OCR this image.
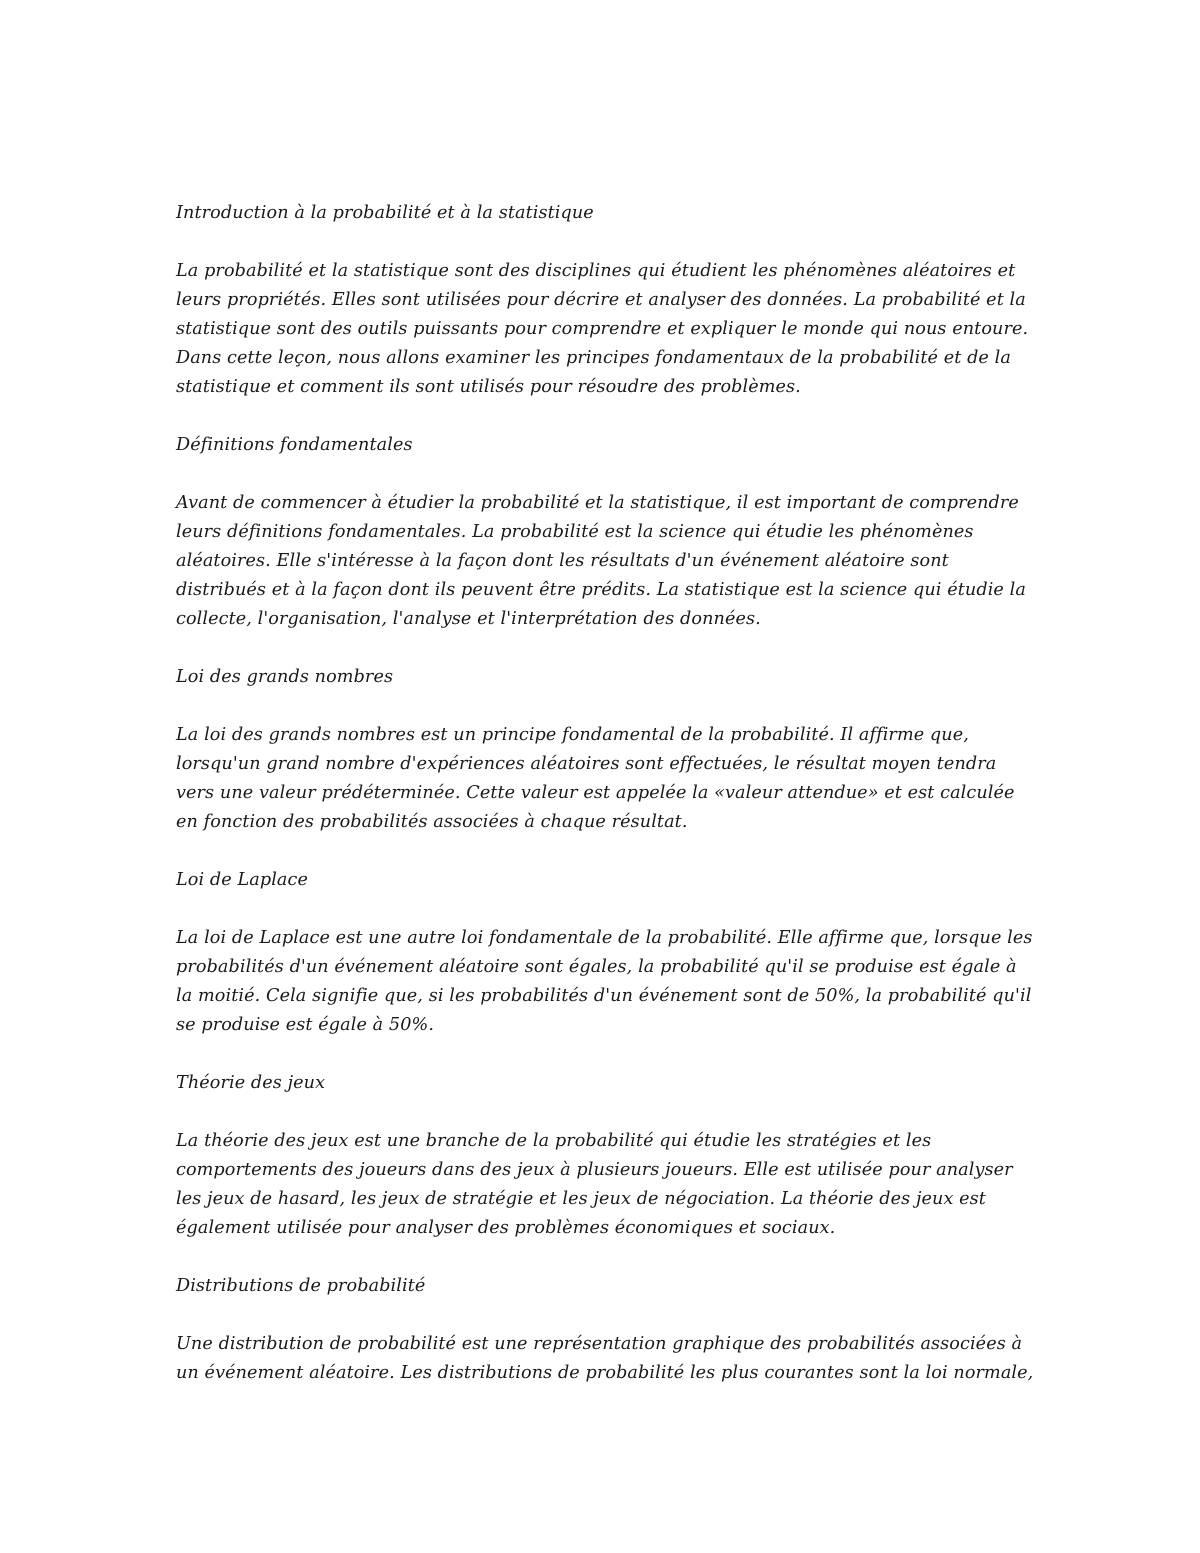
Introduction à la probabilité et à la statistique

La probabilité et la statistique sont des disciplines qui étudient les phénomènes aléatoires et leurs propriétés. Elles sont utilisées pour décrire et analyser des données. La probabilité et la statistique sont des outils puissants pour comprendre et expliquer le monde qui nous entoure. Dans cette leçon, nous allons examiner les principes fondamentaux de la probabilité et de la statistique et comment ils sont utilisés pour résoudre des problèmes.

Définitions fondamentales

Avant de commencer à étudier la probabilité et la statistique, il est important de comprendre leurs définitions fondamentales. La probabilité est la science qui étudie les phénomènes aléatoires. Elle s'intéresse à la façon dont les résultats d'un événement aléatoire sont distribués et à la façon dont ils peuvent être prédits. La statistique est la science qui étudie la collecte, l'organisation, l'analyse et l'interprétation des données.

Loi des grands nombres

La loi des grands nombres est un principe fondamental de la probabilité. Il affirme que, lorsqu'un grand nombre d'expériences aléatoires sont effectuées, le résultat moyen tendra vers une valeur prédéterminée. Cette valeur est appelée la «valeur attendue» et est calculée en fonction des probabilités associées à chaque résultat.

Loi de Laplace

La loi de Laplace est une autre loi fondamentale de la probabilité. Elle affirme que, lorsque les probabilités d'un événement aléatoire sont égales, la probabilité qu'il se produise est égale à la moitié. Cela signifie que, si les probabilités d'un événement sont de 50%, la probabilité qu'il se produise est égale à 50%.

Théorie des jeux

La théorie des jeux est une branche de la probabilité qui étudie les stratégies et les comportements des joueurs dans des jeux à plusieurs joueurs. Elle est utilisée pour analyser les jeux de hasard, les jeux de stratégie et les jeux de négociation. La théorie des jeux est également utilisée pour analyser des problèmes économiques et sociaux.

Distributions de probabilité

Une distribution de probabilité est une représentation graphique des probabilités associées à un événement aléatoire. Les distributions de probabilité les plus courantes sont la loi normale,
